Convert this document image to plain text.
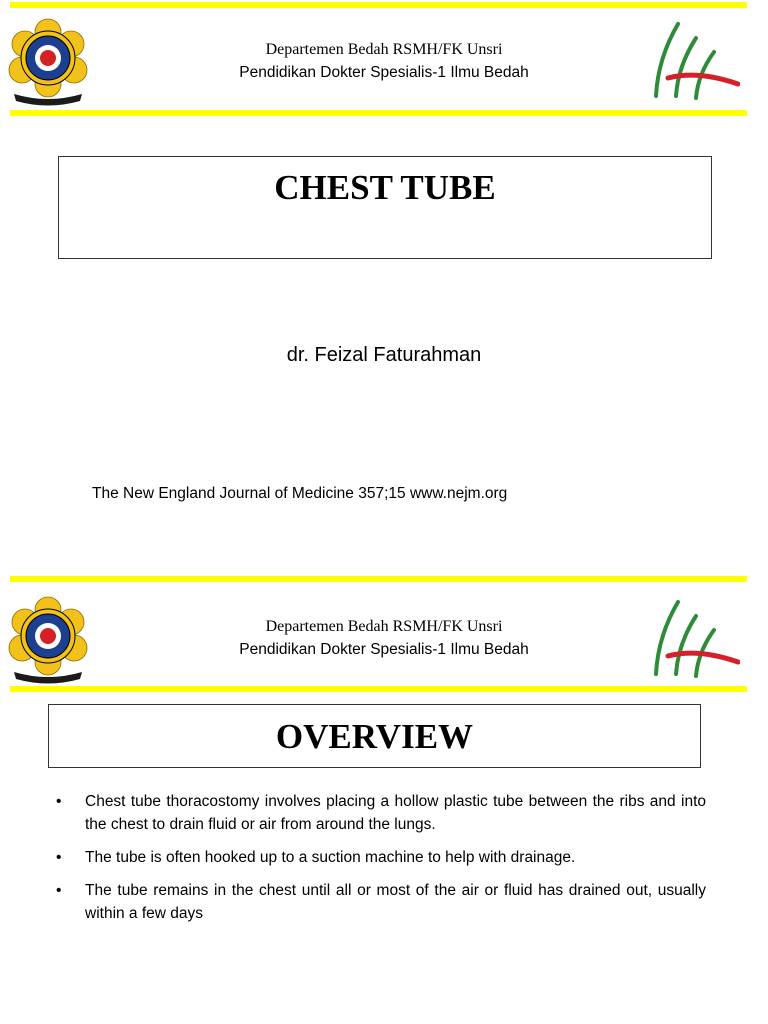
Departemen Bedah RSMH/FK Unsri
Pendidikan Dokter Spesialis-1 Ilmu Bedah
CHEST TUBE
dr. Feizal Faturahman
The New England Journal of Medicine 357;15 www.nejm.org
Departemen Bedah RSMH/FK Unsri
Pendidikan Dokter Spesialis-1 Ilmu Bedah
OVERVIEW
• Chest tube thoracostomy involves placing a hollow plastic tube between the ribs and into the chest to drain fluid or air from around the lungs.
• The tube is often hooked up to a suction machine to help with drainage.
• The tube remains in the chest until all or most of the air or fluid has drained out, usually within a few days
